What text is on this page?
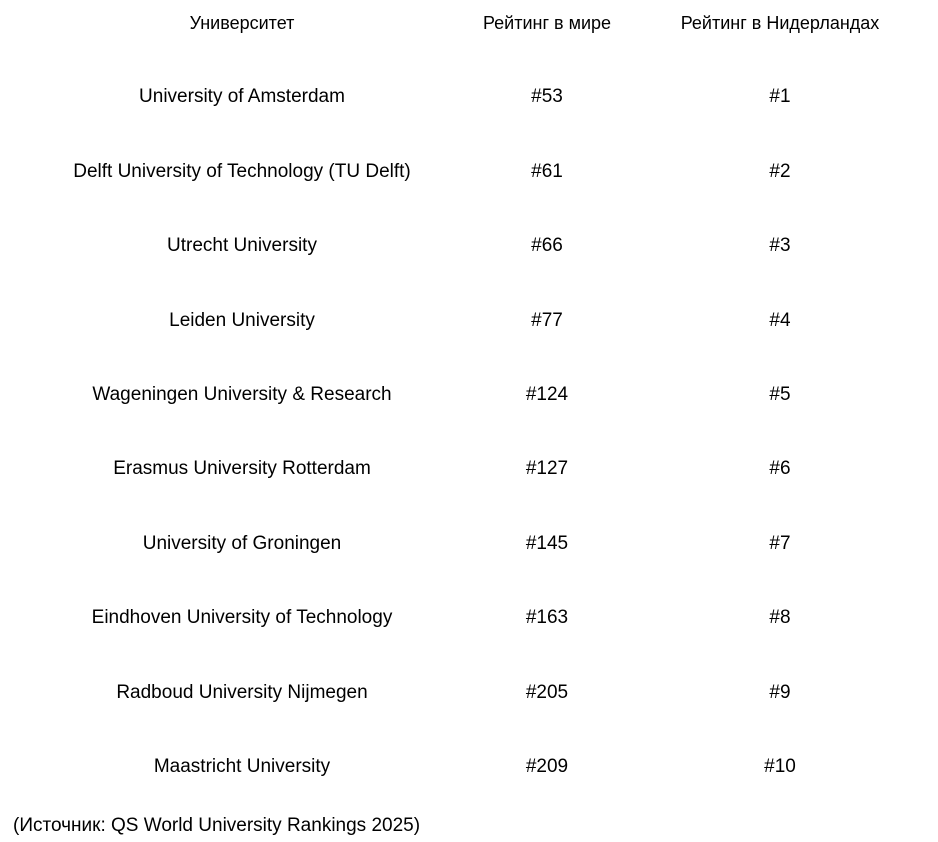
Университет	Рейтинг в мире	Рейтинг в Нидерландах
University of Amsterdam	#53	#1
Delft University of Technology (TU Delft)	#61	#2
Utrecht University	#66	#3
Leiden University	#77	#4
Wageningen University & Research	#124	#5
Erasmus University Rotterdam	#127	#6
University of Groningen	#145	#7
Eindhoven University of Technology	#163	#8
Radboud University Nijmegen	#205	#9
Maastricht University	#209	#10
(Источник: QS World University Rankings 2025)
